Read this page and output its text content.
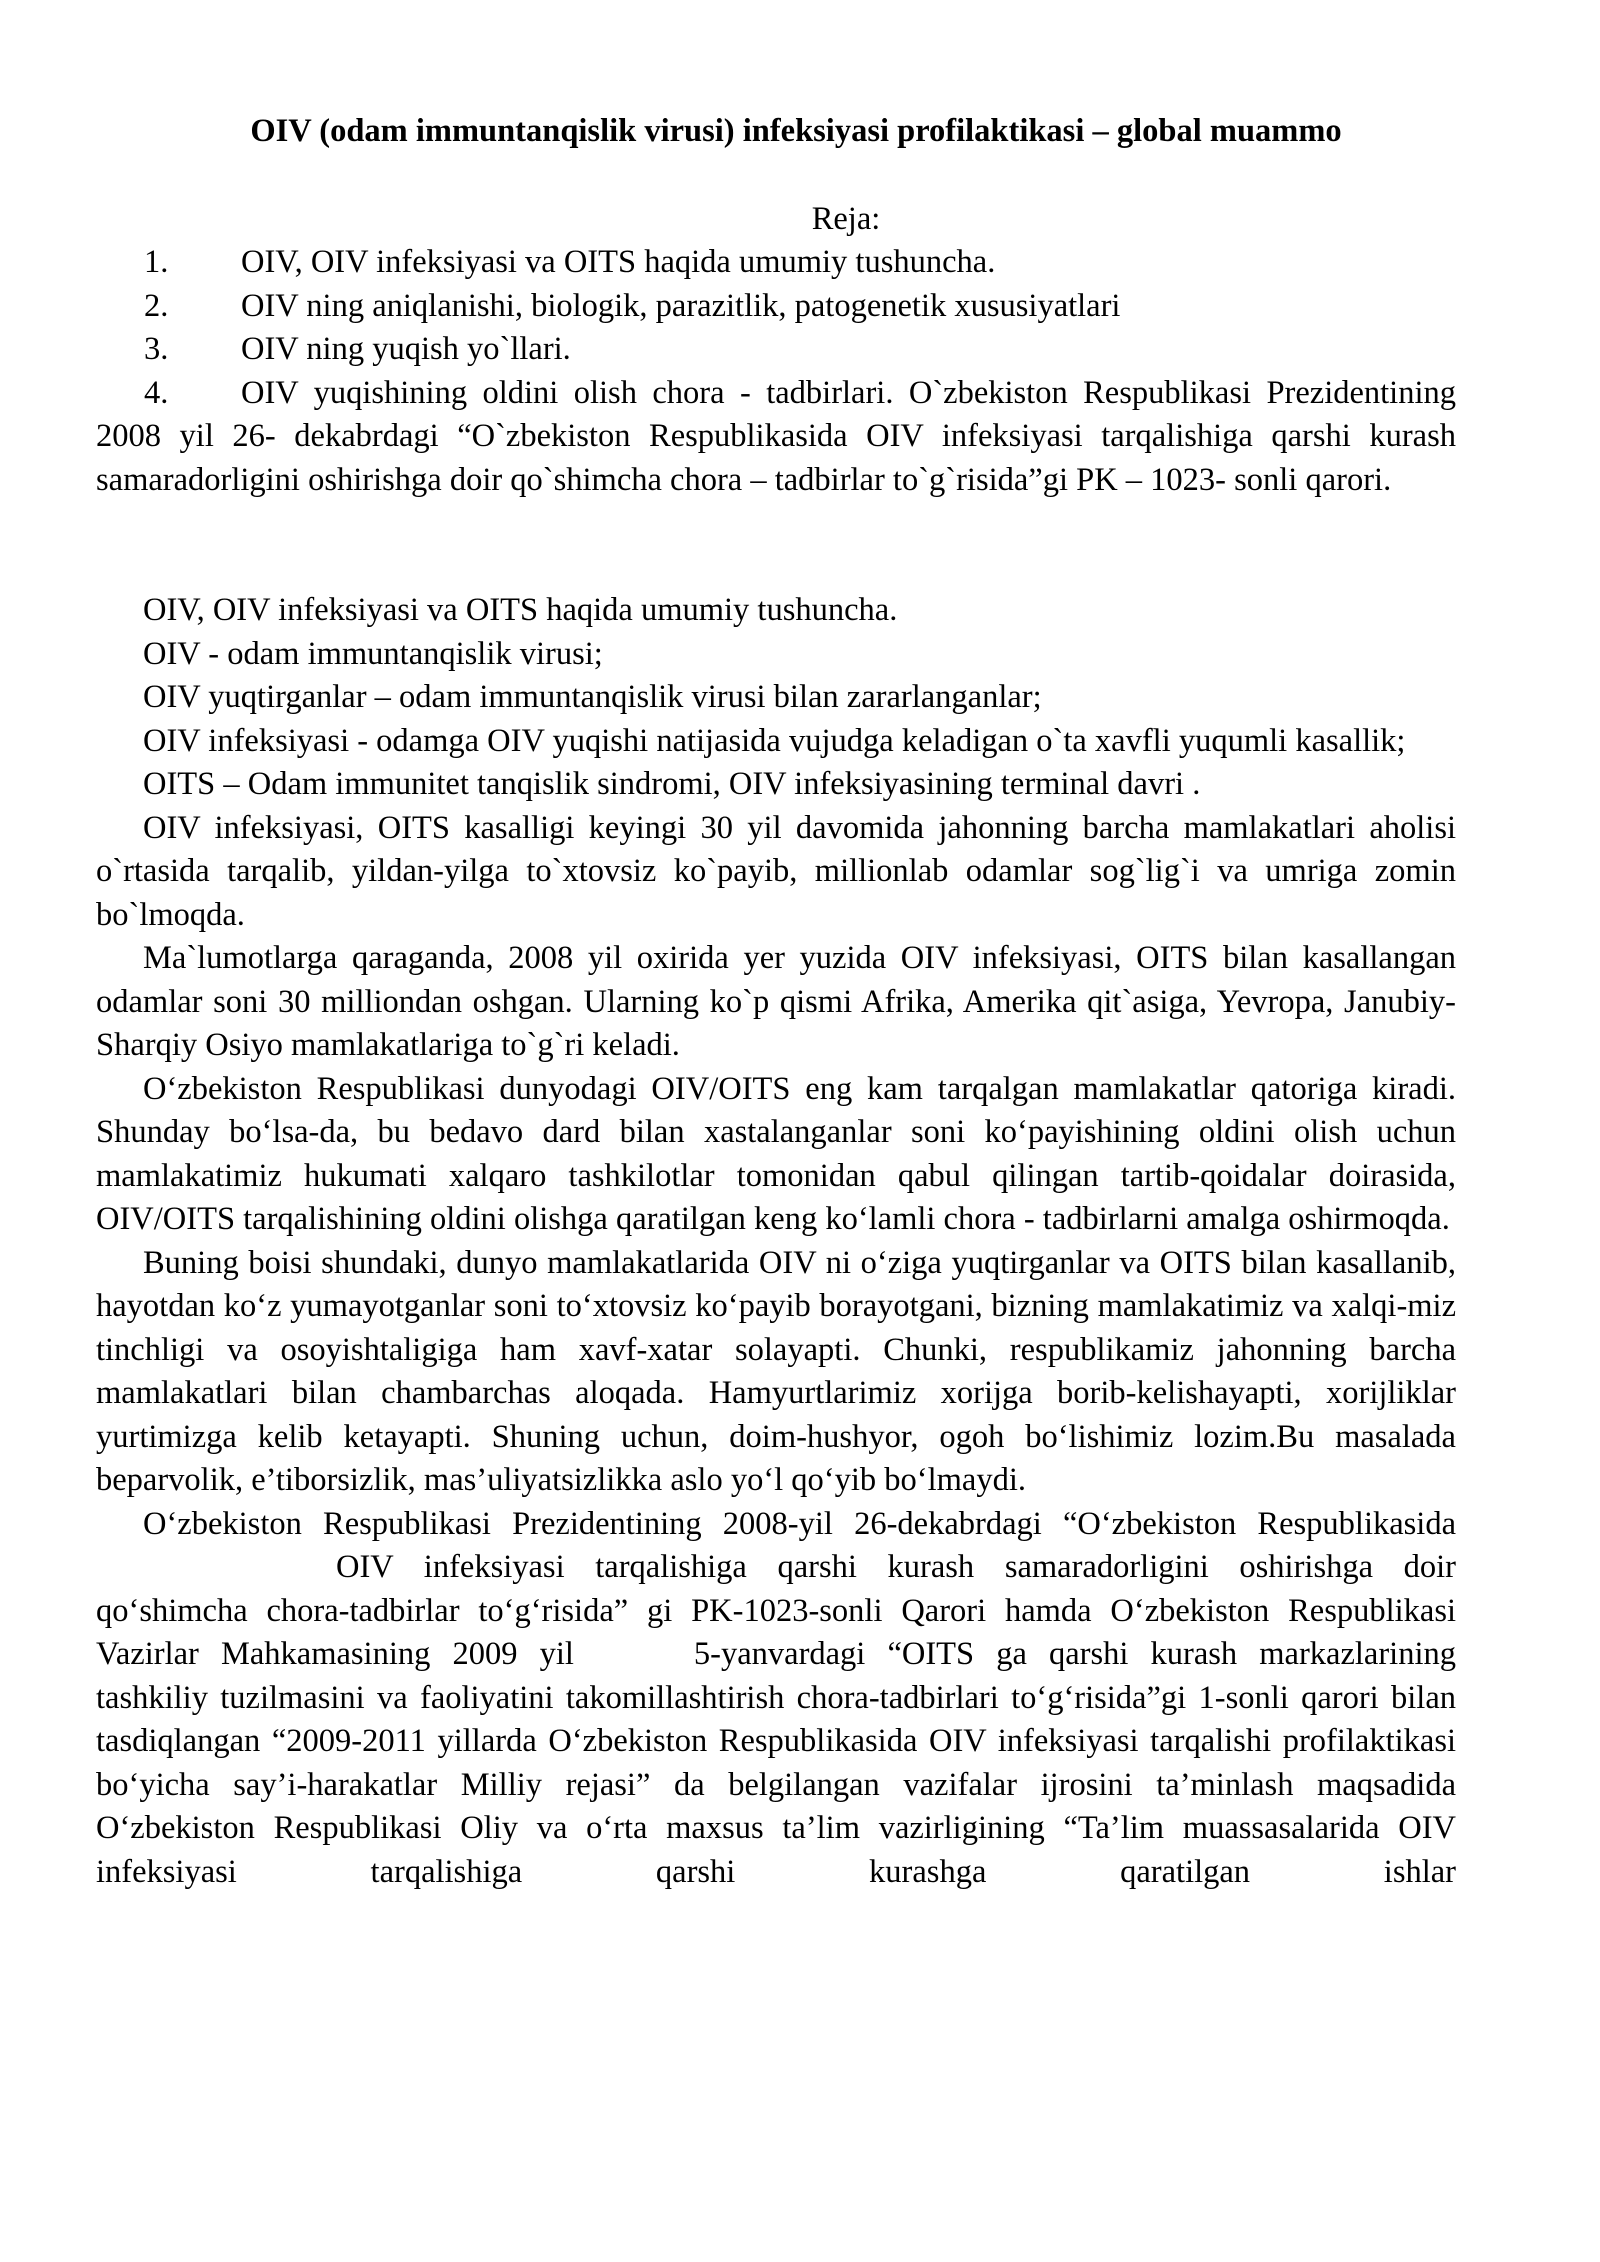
OIV (odam immuntanqislik virusi) infeksiyasi profilaktikasi – global muammo

Reja:

1. OIV, OIV infeksiyasi va OITS haqida umumiy tushuncha.
2. OIV ning aniqlanishi, biologik, parazitlik, patogenetik xususiyatlari
3. OIV ning yuqish yo`llari.
4. OIV yuqishining oldini olish chora - tadbirlari. O`zbekiston Respublikasi Prezidentining 2008 yil 26- dekabrdagi “O`zbekiston Respublikasida OIV infeksiyasi tarqalishiga qarshi kurash samaradorligini oshirishga doir qo`shimcha chora – tadbirlar to`g`risida”gi PK – 1023- sonli qarori.

OIV, OIV infeksiyasi va OITS haqida umumiy tushuncha.

OIV - odam immuntanqislik virusi;

OIV yuqtirganlar – odam immuntanqislik virusi bilan zararlanganlar;

OIV infeksiyasi - odamga OIV yuqishi natijasida vujudga keladigan o`ta xavfli yuqumli kasallik;

OITS – Odam immunitet tanqislik sindromi, OIV infeksiyasining terminal davri .

OIV infeksiyasi, OITS kasalligi keyingi 30 yil davomida jahonning barcha mamlakatlari aholisi o`rtasida tarqalib, yildan-yilga to`xtovsiz ko`payib, millionlab odamlar sog`lig`i va umriga zomin bo`lmoqda.

Ma`lumotlarga qaraganda, 2008 yil oxirida yer yuzida OIV infeksiyasi, OITS bilan kasallangan odamlar soni 30 milliondan oshgan. Ularning ko`p qismi Afrika, Amerika qit`asiga, Yevropa, Janubiy- Sharqiy Osiyo mamlakatlariga to`g`ri keladi.

O‘zbekiston Respublikasi dunyodagi OIV/OITS eng kam tarqalgan mamlakatlar qatoriga kiradi. Shunday bo‘lsa-da, bu bedavo dard bilan xastalanganlar soni ko‘payishining oldini olish uchun mamlakatimiz hukumati xalqaro tashkilotlar tomonidan qabul qilingan tartib-qoidalar doirasida, OIV/OITS tarqalishining oldini olishga qaratilgan keng ko‘lamli chora - tadbirlarni amalga oshirmoqda.

Buning boisi shundaki, dunyo mamlakatlarida OIV ni o‘ziga yuqtirganlar va OITS bilan kasallanib, hayotdan ko‘z yumayotganlar soni to‘xtovsiz ko‘payib borayotgani, bizning mamlakatimiz va xalqi-miz tinchligi va osoyishtaligiga ham xavf-xatar solayapti. Chunki, respublikamiz jahonning barcha mamlakatlari bilan chambarchas aloqada. Hamyurtlarimiz xorijga borib-kelishayapti, xorijliklar yurtimizga kelib ketayapti. Shuning uchun, doim-hushyor, ogoh bo‘lishimiz lozim.Bu masalada beparvolik, e’tiborsizlik, mas’uliyatsizlikka aslo yo‘l qo‘yib bo‘lmaydi.

O‘zbekiston Respublikasi Prezidentining 2008-yil 26-dekabrdagi “O‘zbekiston RespublikasidaOIV infeksiyasi tarqalishiga qarshi kurash samaradorligini oshirishga doir qo‘shimcha chora-tadbirlar to‘g‘risida” gi PK-1023-sonli Qarori hamda O‘zbekiston Respublikasi Vazirlar Mahkamasining 2009 yil	5-yanvardagi “OITS ga qarshi kurash markazlarining tashkiliy tuzilmasini va faoliyatini takomillashtirish chora-tadbirlari to‘g‘risida”gi 1-sonli qarori bilan tasdiqlangan “2009-2011 yillarda O‘zbekiston Respublikasida OIV infeksiyasi tarqalishi profilaktikasi bo‘yicha say’i-harakatlar Milliy rejasi” da belgilangan vazifalar ijrosini ta’minlash maqsadida O‘zbekiston Respublikasi Oliy va o‘rta maxsus ta’lim vazirligining “Ta’lim muassasalarida OIV infeksiyasi tarqalishiga qarshi kurashga qaratilgan ishlar
